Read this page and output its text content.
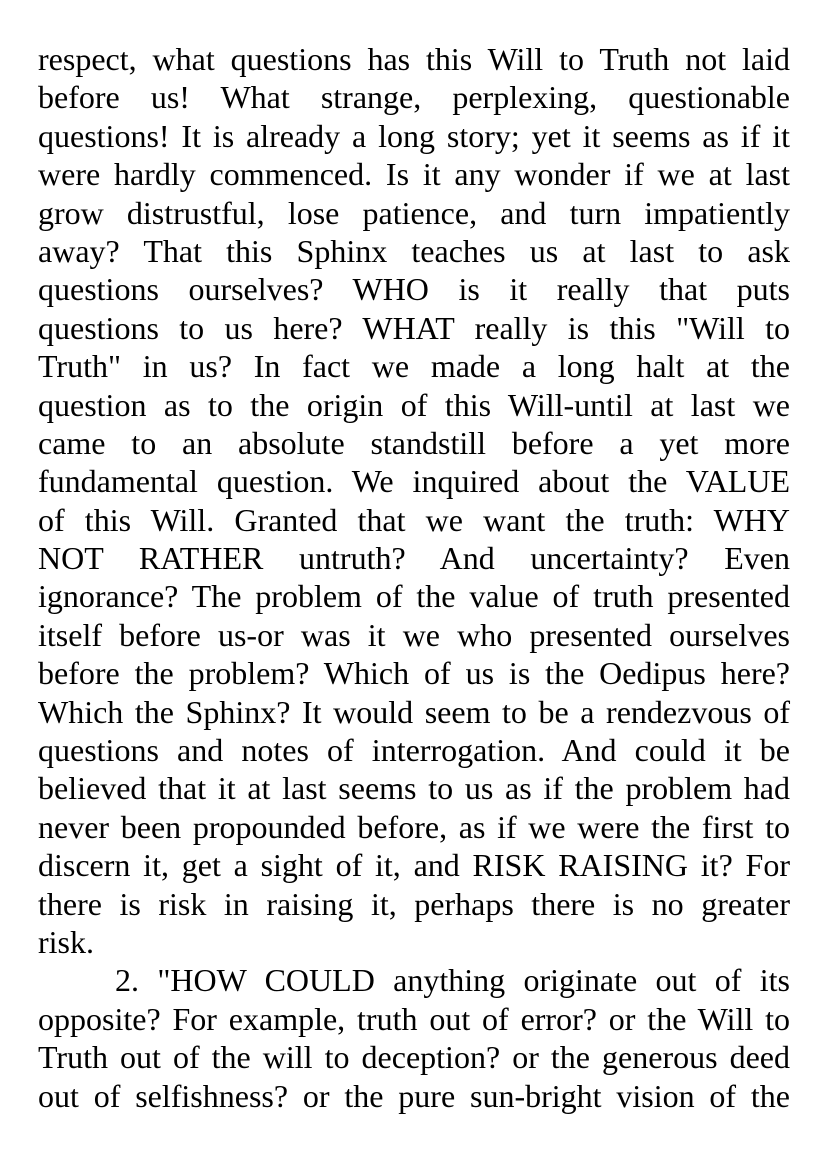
respect, what questions has this Will to Truth not laid
before us! What strange, perplexing, questionable
questions! It is already a long story; yet it seems as if it
were hardly commenced. Is it any wonder if we at last
grow distrustful, lose patience, and turn impatiently
away? That this Sphinx teaches us at last to ask
questions ourselves? WHO is it really that puts
questions to us here? WHAT really is this "Will to
Truth" in us? In fact we made a long halt at the
question as to the origin of this Will-until at last we
came to an absolute standstill before a yet more
fundamental question. We inquired about the VALUE
of this Will. Granted that we want the truth: WHY
NOT RATHER untruth? And uncertainty? Even
ignorance? The problem of the value of truth presented
itself before us-or was it we who presented ourselves
before the problem? Which of us is the Oedipus here?
Which the Sphinx? It would seem to be a rendezvous of
questions and notes of interrogation. And could it be
believed that it at last seems to us as if the problem had
never been propounded before, as if we were the first to
discern it, get a sight of it, and RISK RAISING it? For
there is risk in raising it, perhaps there is no greater
risk.
2. "HOW COULD anything originate out of its
opposite? For example, truth out of error? or the Will to
Truth out of the will to deception? or the generous deed
out of selfishness? or the pure sun-bright vision of the
